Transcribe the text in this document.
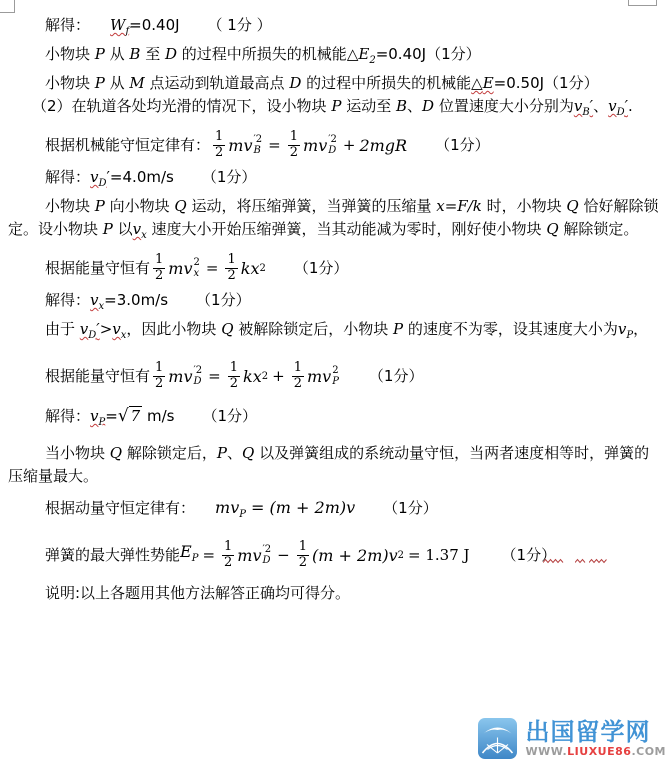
解得： $W_f=0.40J$ （ 1分 ）

小物块 P 从 B 至 D 的过程中所损失的机械能$\triangle E_2=0.40J(1$分）

小物块 P 从 M 点运动到轨道最高点 D 的过程中所损失的机械能△E=0.50J（1分）

（2）在轨道各处均光滑的情况下，设小物块 P 运动至 B、D 位置速度大小分别为$v_B'$、$v_D'$.

根据机械能守恒定律有： $\frac{1}{2}$ mv ′2
$B = \frac{1}{2}$ mv ′2
D + 2mgR （1分）

解得：$v_D'=4.0m/s$ （1分）

小物块 P 向小物块 Q 运动，将压缩弹簧，当弹簧的压缩量 x=F/k 时，小物块 Q 恰好解除锁定。设小物块 P 以$v_x$ 速度大小开始压缩弹簧，当其动能减为零时，刚好使小物块 Q 解除锁定。

根据能量守恒有 $\frac{1}{2}$ mv 2
$x = \frac{1}{2}$ kx 2 （1分）

解得：$v_x=3.0m/s$ （1分）

由于 $v_D'>v_x$，因此小物块 Q 被解除锁定后，小物块 P 的速度不为零，设其速度大小为$v_P$，

根据能量守恒有 $\frac{1}{2}$ mv ′2
$D = \frac{1}{2}$ kx $2 + \frac{1}{2}$ mv 2
P （1分）

解得：$v_P=√$ 7 m/s （1分）

当小物块 Q 解除锁定后，P、Q 以及弹簧组成的系统动量守恒，当两者速度相等时，弹簧的压缩量最大。

根据动量守恒定律有： $mv_P = (m + 2m)v$ （1分）

弹簧的最大弹性势能 $E_P = \frac{1}{2}$ mv ′2
$D - \frac{1}{2} (m + 2m)v$ 2 = 1.37 J （1分）

说明:以上各题用其他方法解答正确均可得分。

出国留学网
WWW.LIUXUE86.COM
